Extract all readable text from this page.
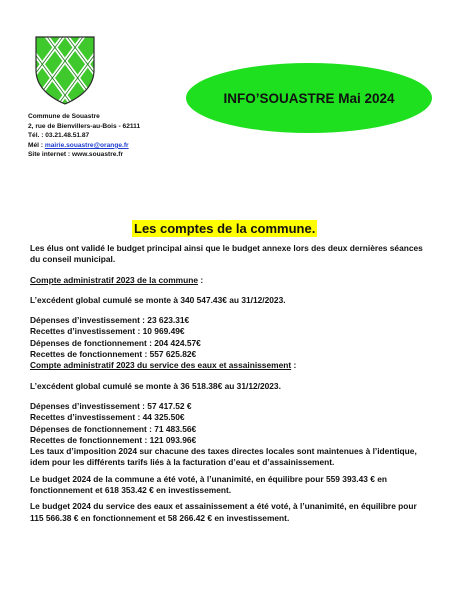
Commune de Souastre
2, rue de Bienvillers-au-Bois - 62111
Tél. : 03.21.48.51.87
Mél : mairie.souastre@orange.fr
Site internet : www.souastre.fr
INFO’SOUASTRE Mai 2024
Les comptes de la commune.

Les élus ont validé le budget principal ainsi que le budget annexe lors des deux dernières séances du conseil municipal.

Compte administratif 2023 de la commune :

L’excédent global cumulé se monte à 340 547.43€ au 31/12/2023.

Dépenses d’investissement : 23 623.31€

Recettes d’investissement : 10 969.49€

Dépenses de fonctionnement : 204 424.57€

Recettes de fonctionnement : 557 625.82€

Compte administratif 2023 du service des eaux et assainissement :

L’excédent global cumulé se monte à 36 518.38€ au 31/12/2023.

Dépenses d’investissement : 57 417.52 €

Recettes d’investissement : 44 325.50€

Dépenses de fonctionnement : 71 483.56€

Recettes de fonctionnement : 121 093.96€

Les taux d’imposition 2024 sur chacune des taxes directes locales sont maintenues à l’identique, idem pour les différents tarifs liés à la facturation d’eau et d’assainissement.

Le budget 2024 de la commune a été voté, à l’unanimité, en équilibre pour 559 393.43 € en fonctionnement et 618 353.42 € en investissement.

Le budget 2024 du service des eaux et assainissement a été voté, à l’unanimité, en équilibre pour 115 566.38 € en fonctionnement et 58 266.42 € en investissement.
